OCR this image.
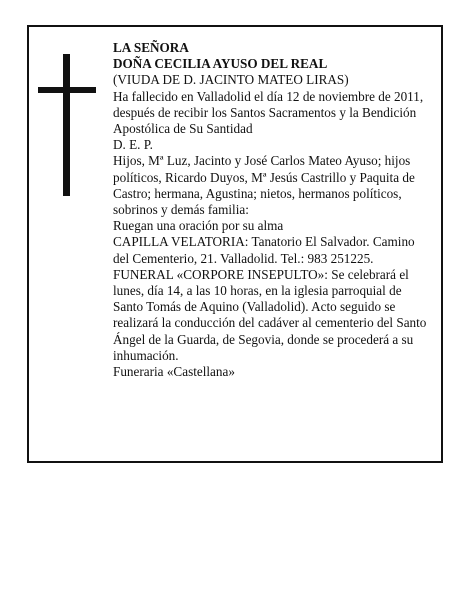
LA SEÑORA

DOÑA CECILIA AYUSO DEL REAL

(VIUDA DE D. JACINTO MATEO LIRAS)

Ha fallecido en Valladolid el día 12 de noviembre de 2011, después de recibir los Santos Sacramentos y la Bendición Apostólica de Su Santidad

D. E. P.

Hijos, Mª Luz, Jacinto y José Carlos Mateo Ayuso; hijos políticos, Ricardo Duyos, Mª Jesús Castrillo y Paquita de Castro; hermana, Agustina; nietos, hermanos políticos, sobrinos y demás familia:

Ruegan una oración por su alma

CAPILLA VELATORIA: Tanatorio El Salvador. Camino del Cementerio, 21. Valladolid. Tel.: 983 251225.

FUNERAL «CORPORE INSEPULTO»: Se celebrará el lunes, día 14, a las 10 horas, en la iglesia parroquial de Santo Tomás de Aquino (Valladolid). Acto seguido se realizará la conducción del cadáver al cementerio del Santo Ángel de la Guarda, de Segovia, donde se procederá a su inhumación.

Funeraria «Castellana»
